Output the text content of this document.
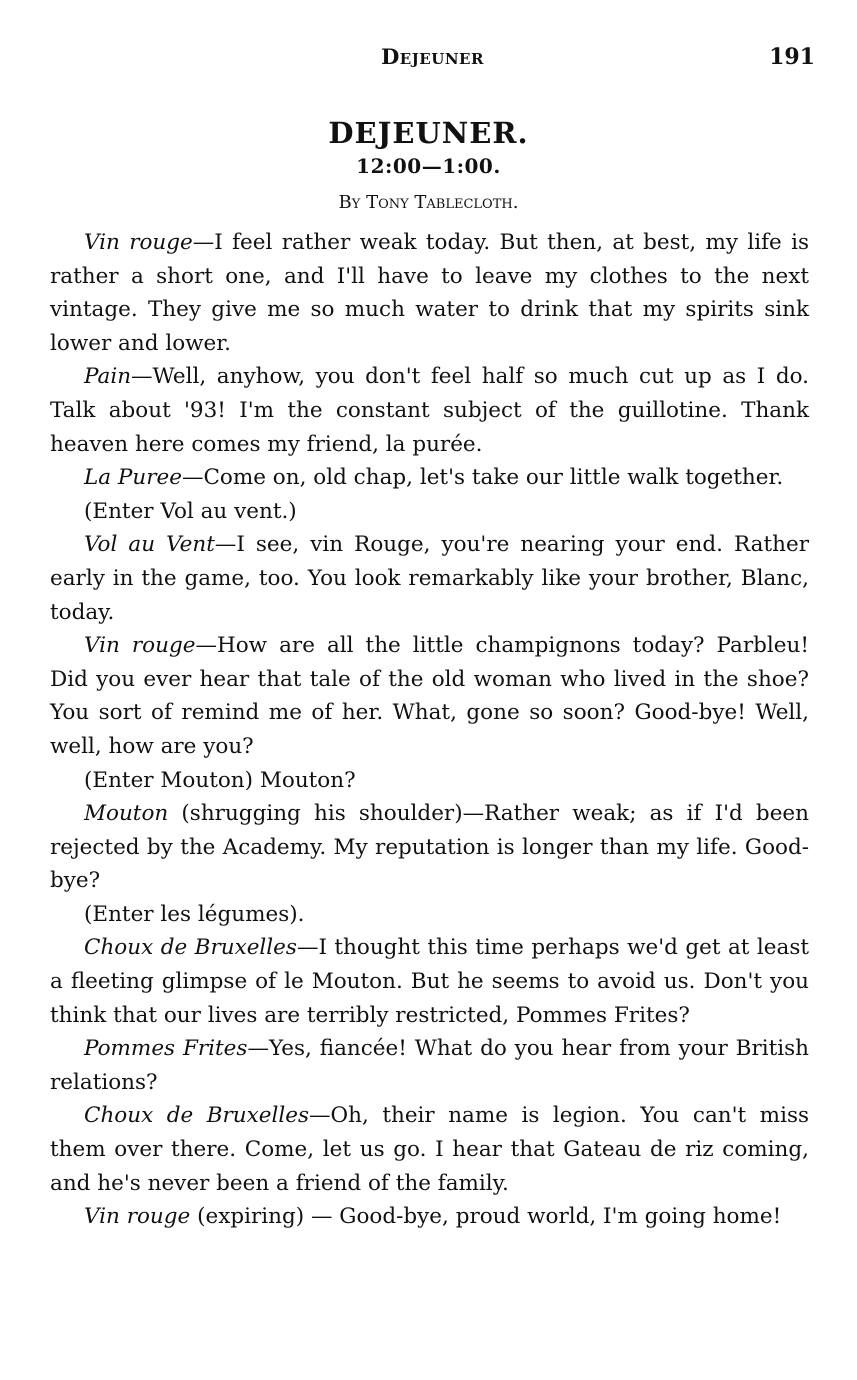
Dejeuner	191
DEJEUNER.
12:00—1:00.
By Tony Tablecloth.

Vin rouge—I feel rather weak today. But then, at best, my life is rather a short one, and I'll have to leave my clothes to the next vintage. They give me so much water to drink that my spirits sink lower and lower.

Pain—Well, anyhow, you don't feel half so much cut up as I do. Talk about '93! I'm the constant subject of the guillotine. Thank heaven here comes my friend, la purée.

La Puree—Come on, old chap, let's take our little walk together.

(Enter Vol au vent.)

Vol au Vent—I see, vin Rouge, you're nearing your end. Rather early in the game, too. You look remarkably like your brother, Blanc, today.

Vin rouge—How are all the little champignons today? Parbleu! Did you ever hear that tale of the old woman who lived in the shoe? You sort of remind me of her. What, gone so soon? Good-bye! Well, well, how are you?

(Enter Mouton) Mouton?

Mouton (shrugging his shoulder)—Rather weak; as if I'd been rejected by the Academy. My reputation is longer than my life. Good-bye?

(Enter les légumes).

Choux de Bruxelles—I thought this time perhaps we'd get at least a fleeting glimpse of le Mouton. But he seems to avoid us. Don't you think that our lives are terribly restricted, Pommes Frites?

Pommes Frites—Yes, fiancée! What do you hear from your British relations?

Choux de Bruxelles—Oh, their name is legion. You can't miss them over there. Come, let us go. I hear that Gateau de riz coming, and he's never been a friend of the family.

Vin rouge (expiring) — Good-bye, proud world, I'm going home!
